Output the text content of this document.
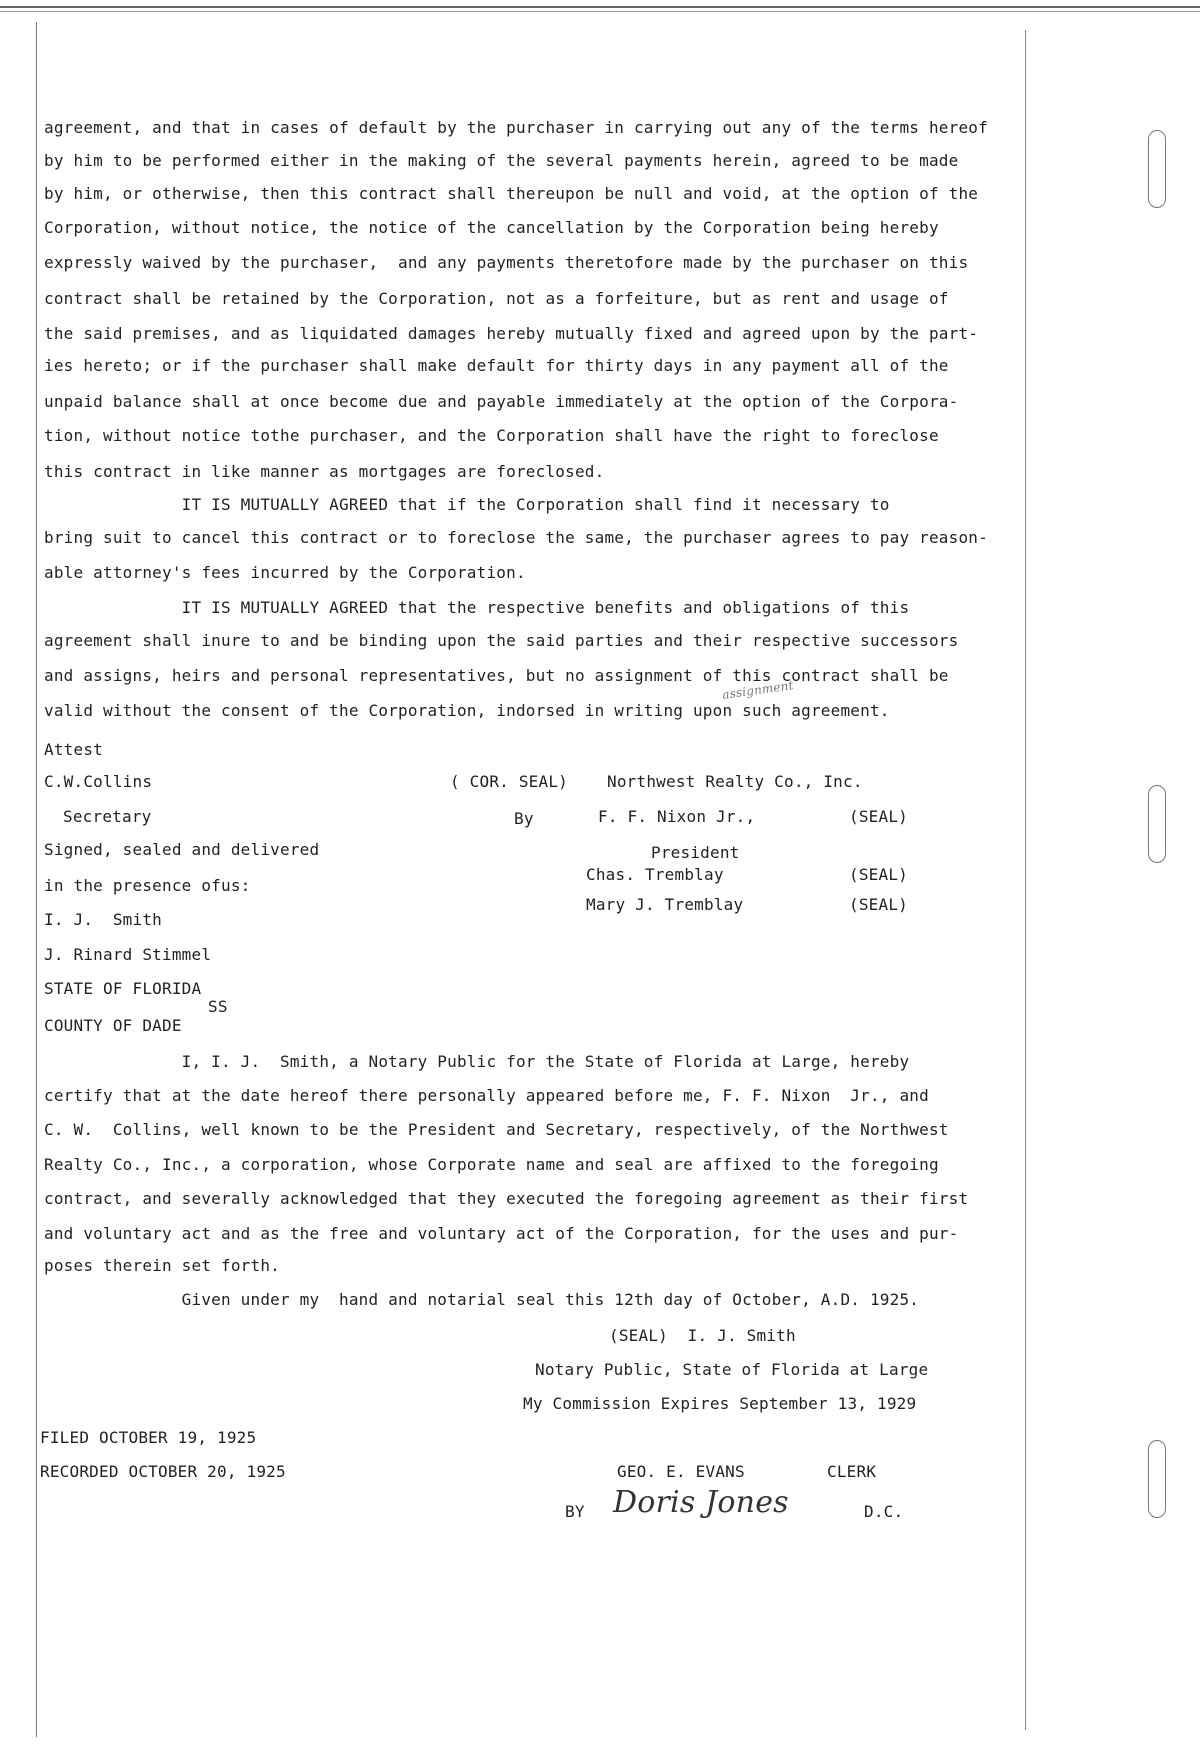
agreement, and that in cases of default by the purchaser in carrying out any of the terms hereof
by him to be performed either in the making of the several payments herein, agreed to be made
by him, or otherwise, then this contract shall thereupon be null and void, at the option of the
Corporation, without notice, the notice of the cancellation by the Corporation being hereby
expressly waived by the purchaser,  and any payments theretofore made by the purchaser on this
contract shall be retained by the Corporation, not as a forfeiture, but as rent and usage of
the said premises, and as liquidated damages hereby mutually fixed and agreed upon by the part-
ies hereto; or if the purchaser shall make default for thirty days in any payment all of the
unpaid balance shall at once become due and payable immediately at the option of the Corpora-
tion, without notice tothe purchaser, and the Corporation shall have the right to foreclose
this contract in like manner as mortgages are foreclosed.
IT IS MUTUALLY AGREED that if the Corporation shall find it necessary to
bring suit to cancel this contract or to foreclose the same, the purchaser agrees to pay reason-
able attorney's fees incurred by the Corporation.
IT IS MUTUALLY AGREED that the respective benefits and obligations of this
agreement shall inure to and be binding upon the said parties and their respective successors
and assigns, heirs and personal representatives, but no assignment of this contract shall be
valid without the consent of the Corporation, indorsed in writing upon such agreement.
assignment
Attest
C.W.Collins	( COR. SEAL) Northwest Realty Co., Inc.
Secretary	By	F. F. Nixon Jr.,	(SEAL)
Signed, sealed and delivered	President
Chas. Tremblay	(SEAL)
in the presence ofus:
Mary J. Tremblay	(SEAL)
I. J.  Smith
J. Rinard Stimmel
STATE OF FLORIDA
SS
COUNTY OF DADE
I, I. J.  Smith, a Notary Public for the State of Florida at Large, hereby
certify that at the date hereof there personally appeared before me, F. F. Nixon  Jr., and
C. W.  Collins, well known to be the President and Secretary, respectively, of the Northwest
Realty Co., Inc., a corporation, whose Corporate name and seal are affixed to the foregoing
contract, and severally acknowledged that they executed the foregoing agreement as their first
and voluntary act and as the free and voluntary act of the Corporation, for the uses and pur-
poses therein set forth.
Given under my  hand and notarial seal this 12th day of October, A.D. 1925.
(SEAL)  I. J. Smith
Notary Public, State of Florida at Large
My Commission Expires September 13, 1929
FILED OCTOBER 19, 1925
RECORDED OCTOBER 20, 1925	GEO. E. EVANS	CLERK
BY Doris Jones	D.C.
